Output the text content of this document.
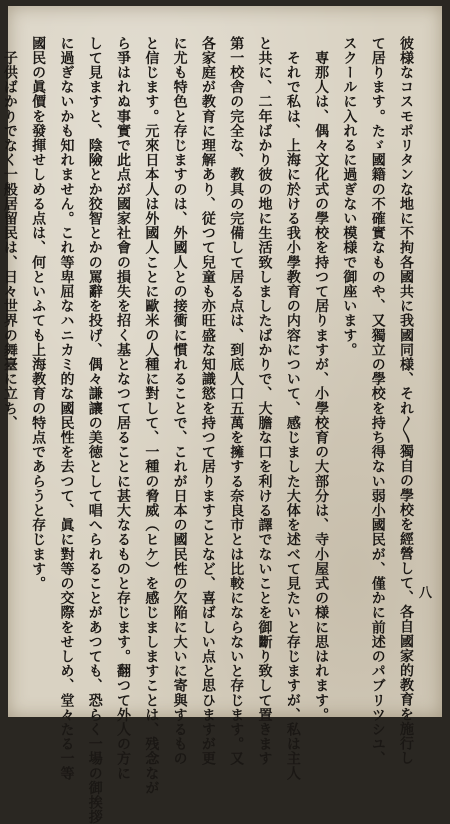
八

彼様なコスモポリタンな地に不拘各國共に我國同様、それ〳〵獨自の學校を經營して、各自國家的教育を施行し

て居ります。たゞ國籍の不確實なものや、又獨立の學校を持ち得ない弱小國民が、僅かに前述のパブリツシユ、

スクールに入れるに過ぎない模様で御座います。

　専那人は、偶々文化式の學校を持つて居りますが、小學校育の大部分は、寺小屋式の様に思はれます。

　それで私は、上海に於ける我小學教育の内容について、感じました大体を述べて見たいと存じますが、私は主人

と共に、二年ばかり彼の地に生活致しましたばかりで、大膽な口を利ける譯でないことを御斷り致して置きます

第一校舎の完全な、教具の完備して居る点は、到底人口五萬を擁する奈良市とは比較にならないと存じます。又

各家庭が教育に理解あり、従つて兒童も亦旺盛な知識慾を持つて居りますことなど、喜ばしい点と思ひますが更

に尤も特色と存じますのは、外國人との接衝に慣れることで、これが日本の國民性の欠陥に大いに寄與するもの

と信じます。元來日本人は外國人ことに歐米の人種に對して、一種の脅威（ヒケ）を感じましますことは、残念なが

ら爭はれぬ事實で此点が國家社會の損失を招く基となつて居ることに甚大なるものと存じます。翻つて外人の方に

して見ますと、陰險とか狡智とかの罵辭を投げ、偶々謙讓の美徳として唱へられることがあつても、恐らく一場の御挨拶

に過ぎないかも知れません。これ等卑屈なハニカミ的な國民性を去つて、眞に對等の交際をせしめ、堂々たる一等

國民の眞價を發揮せしめる点は、何といふても上海教育の特点であらうと存じます。

　子供ばかりでなく一般居留民は、日々世界の舞臺に立ち、
